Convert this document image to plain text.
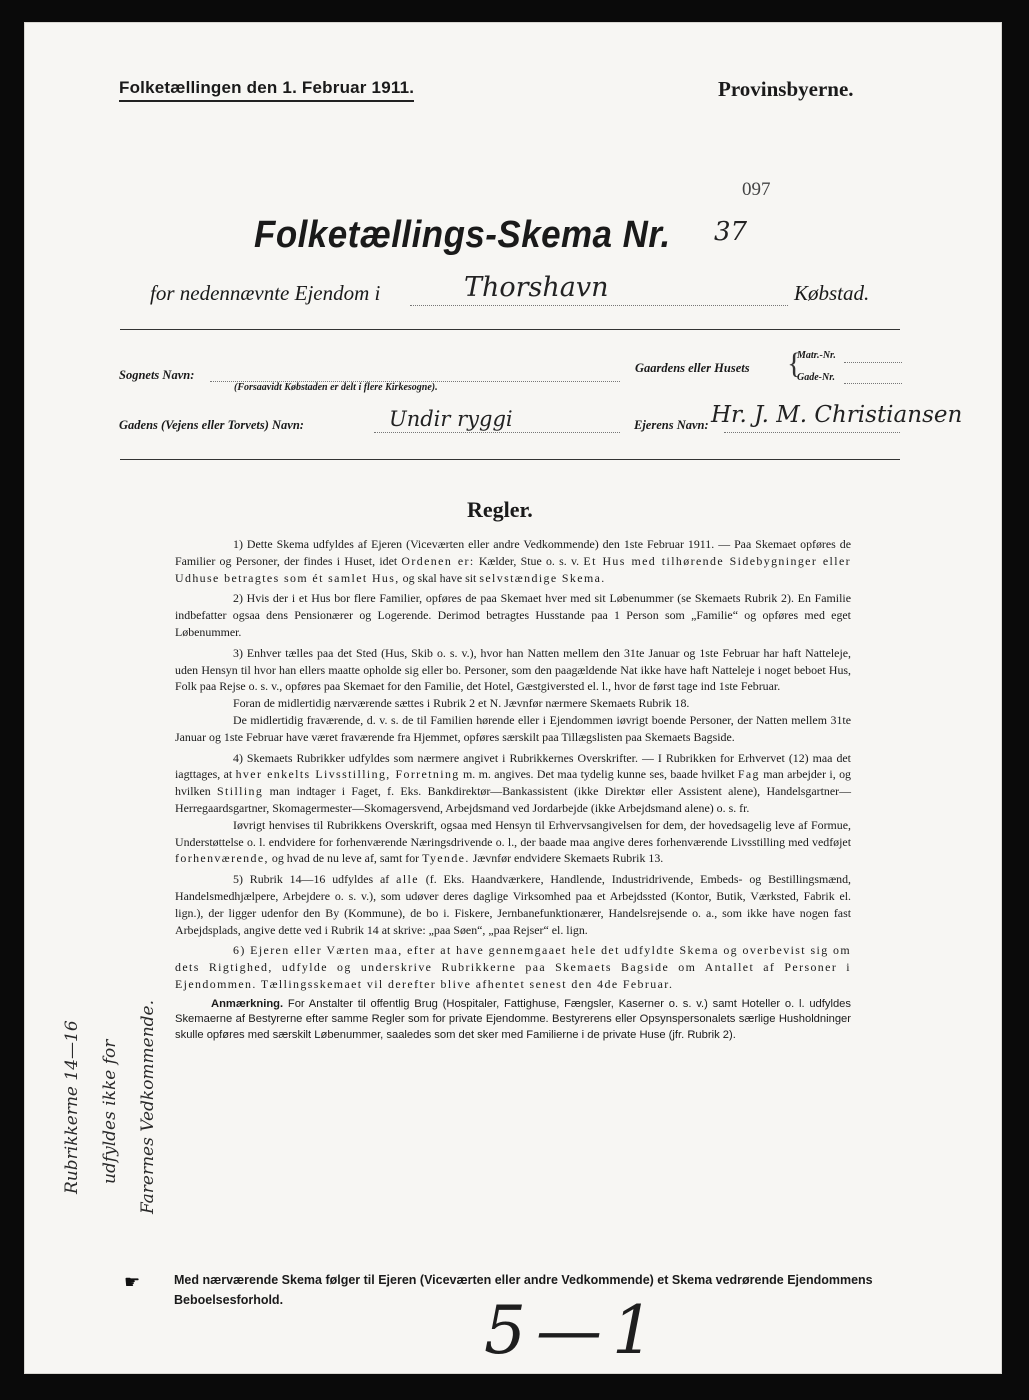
Folketællingen den 1. Februar 1911.	Provinsbyerne.
097
Folketællings-Skema Nr. 37
for nedennævnte Ejendom i	Thorshavn	Købstad.
Sognets Navn:
(Forsaavidt Købstaden er delt i flere Kirkesogne).
Gaardens eller Husets {
Matr.-Nr.
Gade-Nr.
Gadens (Vejens eller Torvets) Navn:	Undir ryggi	Ejerens Navn: Hr. J. M. Christiansen
Regler.

1) Dette Skema udfyldes af Ejeren (Viceværten eller andre Vedkommende) den 1ste Februar 1911. — Paa Skemaet opføres de Familier og Personer, der findes i Huset, idet Ordenen er: Kælder, Stue o. s. v. Et Hus med tilhørende Sidebygninger eller Udhuse betragtes som ét samlet Hus, og skal have sit selvstændige Skema.

2) Hvis der i et Hus bor flere Familier, opføres de paa Skemaet hver med sit Løbenummer (se Skemaets Rubrik 2). En Familie indbefatter ogsaa dens Pensionærer og Logerende. Derimod betragtes Husstande paa 1 Person som „Familie“ og opføres med eget Løbenummer.

3) Enhver tælles paa det Sted (Hus, Skib o. s. v.), hvor han Natten mellem den 31te Januar og 1ste Februar har haft Natteleje, uden Hensyn til hvor han ellers maatte opholde sig eller bo. Personer, som den paagældende Nat ikke have haft Natteleje i noget beboet Hus, Folk paa Rejse o. s. v., opføres paa Skemaet for den Familie, det Hotel, Gæstgiversted el. l., hvor de først tage ind 1ste Februar.

Foran de midlertidig nærværende sættes i Rubrik 2 et N. Jævnfør nærmere Skemaets Rubrik 18.

De midlertidig fraværende, d. v. s. de til Familien hørende eller i Ejendommen iøvrigt boende Personer, der Natten mellem 31te Januar og 1ste Februar have været fraværende fra Hjemmet, opføres særskilt paa Tillægslisten paa Skemaets Bagside.

4) Skemaets Rubrikker udfyldes som nærmere angivet i Rubrikkernes Overskrifter. — I Rubrikken for Erhvervet (12) maa det iagttages, at hver enkelts Livsstilling, Forretning m. m. angives. Det maa tydelig kunne ses, baade hvilket Fag man arbejder i, og hvilken Stilling man indtager i Faget, f. Eks. Bankdirektør—Bankassistent (ikke Direktør eller Assistent alene), Handelsgartner—Herregaardsgartner, Skomagermester—Skomagersvend, Arbejdsmand ved Jordarbejde (ikke Arbejdsmand alene) o. s. fr.

Iøvrigt henvises til Rubrikkens Overskrift, ogsaa med Hensyn til Erhvervsangivelsen for dem, der hovedsagelig leve af Formue, Understøttelse o. l. endvidere for forhenværende Næringsdrivende o. l., der baade maa angive deres forhenværende Livsstilling med vedføjet forhenværende, og hvad de nu leve af, samt for Tyende. Jævnfør endvidere Skemaets Rubrik 13.

5) Rubrik 14—16 udfyldes af alle (f. Eks. Haandværkere, Handlende, Industridrivende, Embeds- og Bestillingsmænd, Handelsmedhjælpere, Arbejdere o. s. v.), som udøver deres daglige Virksomhed paa et Arbejdssted (Kontor, Butik, Værksted, Fabrik el. lign.), der ligger udenfor den By (Kommune), de bo i. Fiskere, Jernbanefunktionærer, Handelsrejsende o. a., som ikke have nogen fast Arbejdsplads, angive dette ved i Rubrik 14 at skrive: „paa Søen“, „paa Rejser“ el. lign.

6) Ejeren eller Værten maa, efter at have gennemgaaet hele det udfyldte Skema og overbevist sig om dets Rigtighed, udfylde og underskrive Rubrikkerne paa Skemaets Bagside om Antallet af Personer i Ejendommen. Tællingsskemaet vil derefter blive afhentet senest den 4de Februar.

Anmærkning. For Anstalter til offentlig Brug (Hospitaler, Fattighuse, Fængsler, Kaserner o. s. v.) samt Hoteller o. l. udfyldes Skemaerne af Bestyrerne efter samme Regler som for private Ejendomme. Bestyrerens eller Opsynspersonalets særlige Husholdninger skulle opføres med særskilt Løbenummer, saaledes som det sker med Familierne i de private Huse (jfr. Rubrik 2).

Rubrikkerne 14—16 udfyldes ikke for Farernes Vedkommende.
☛	Med nærværende Skema følger til Ejeren (Viceværten eller andre Vedkommende) et Skema vedrørende Ejendommens Beboelsesforhold.	5—1
